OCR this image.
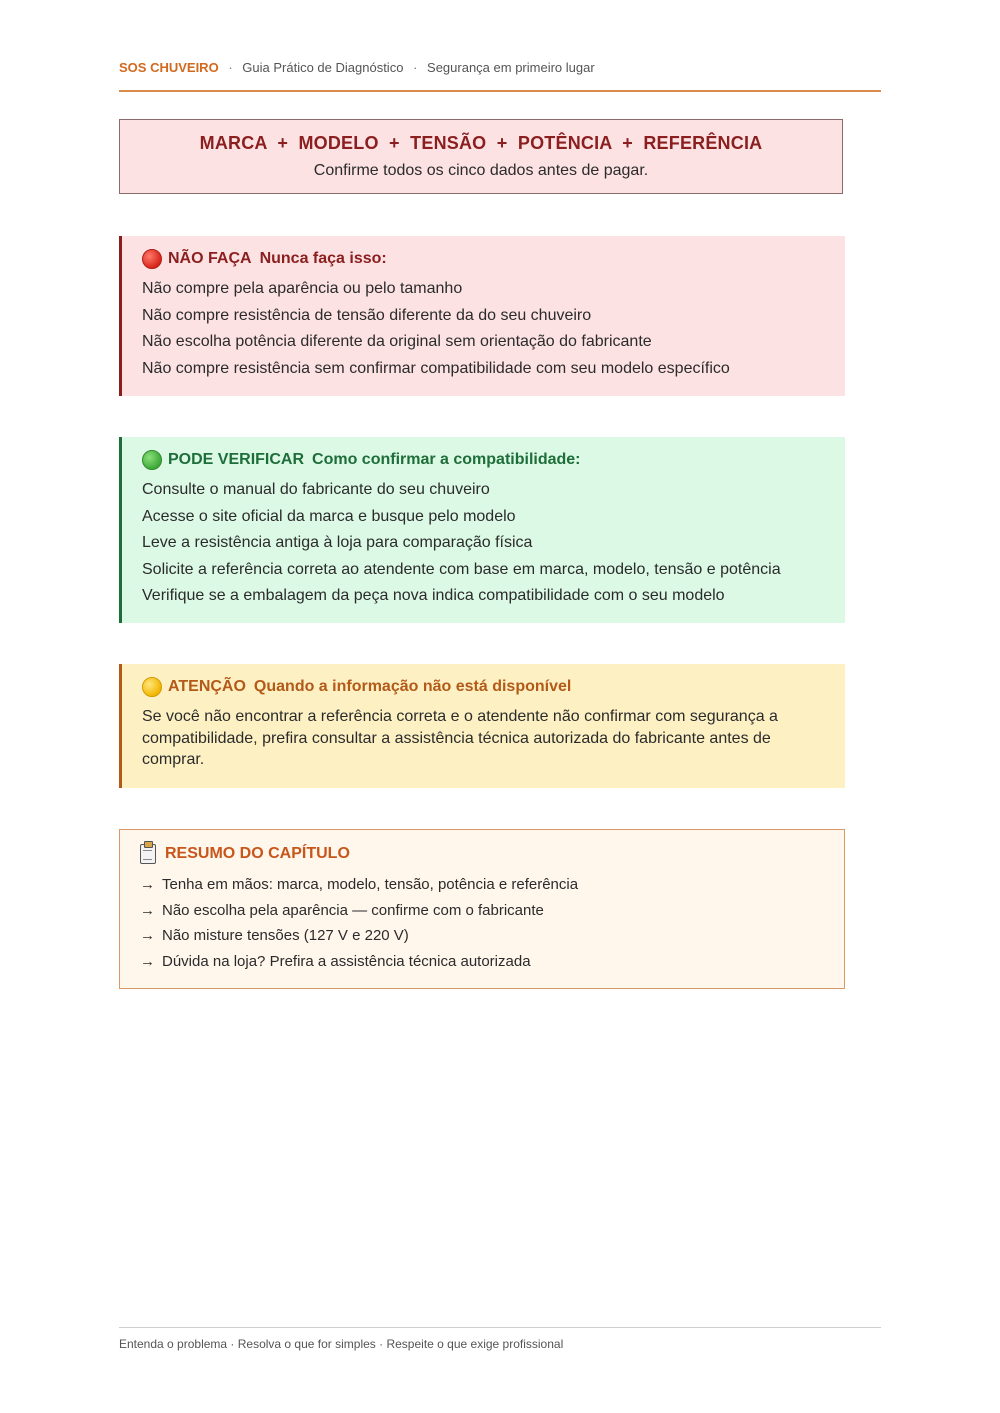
SOS CHUVEIRO · Guia Prático de Diagnóstico · Segurança em primeiro lugar
MARCA  +  MODELO  +  TENSÃO  +  POTÊNCIA  +  REFERÊNCIA
Confirme todos os cinco dados antes de pagar.
NÃO FAÇA Nunca faça isso:
Não compre pela aparência ou pelo tamanho
Não compre resistência de tensão diferente da do seu chuveiro
Não escolha potência diferente da original sem orientação do fabricante
Não compre resistência sem confirmar compatibilidade com seu modelo específico
PODE VERIFICAR Como confirmar a compatibilidade:
Consulte o manual do fabricante do seu chuveiro
Acesse o site oficial da marca e busque pelo modelo
Leve a resistência antiga à loja para comparação física
Solicite a referência correta ao atendente com base em marca, modelo, tensão e potência
Verifique se a embalagem da peça nova indica compatibilidade com o seu modelo
ATENÇÃO Quando a informação não está disponível
Se você não encontrar a referência correta e o atendente não confirmar com segurança a compatibilidade, prefira consultar a assistência técnica autorizada do fabricante antes de comprar.
RESUMO DO CAPÍTULO
→ Tenha em mãos: marca, modelo, tensão, potência e referência
→ Não escolha pela aparência — confirme com o fabricante
→ Não misture tensões (127 V e 220 V)
→ Dúvida na loja? Prefira a assistência técnica autorizada
Entenda o problema · Resolva o que for simples · Respeite o que exige profissional
